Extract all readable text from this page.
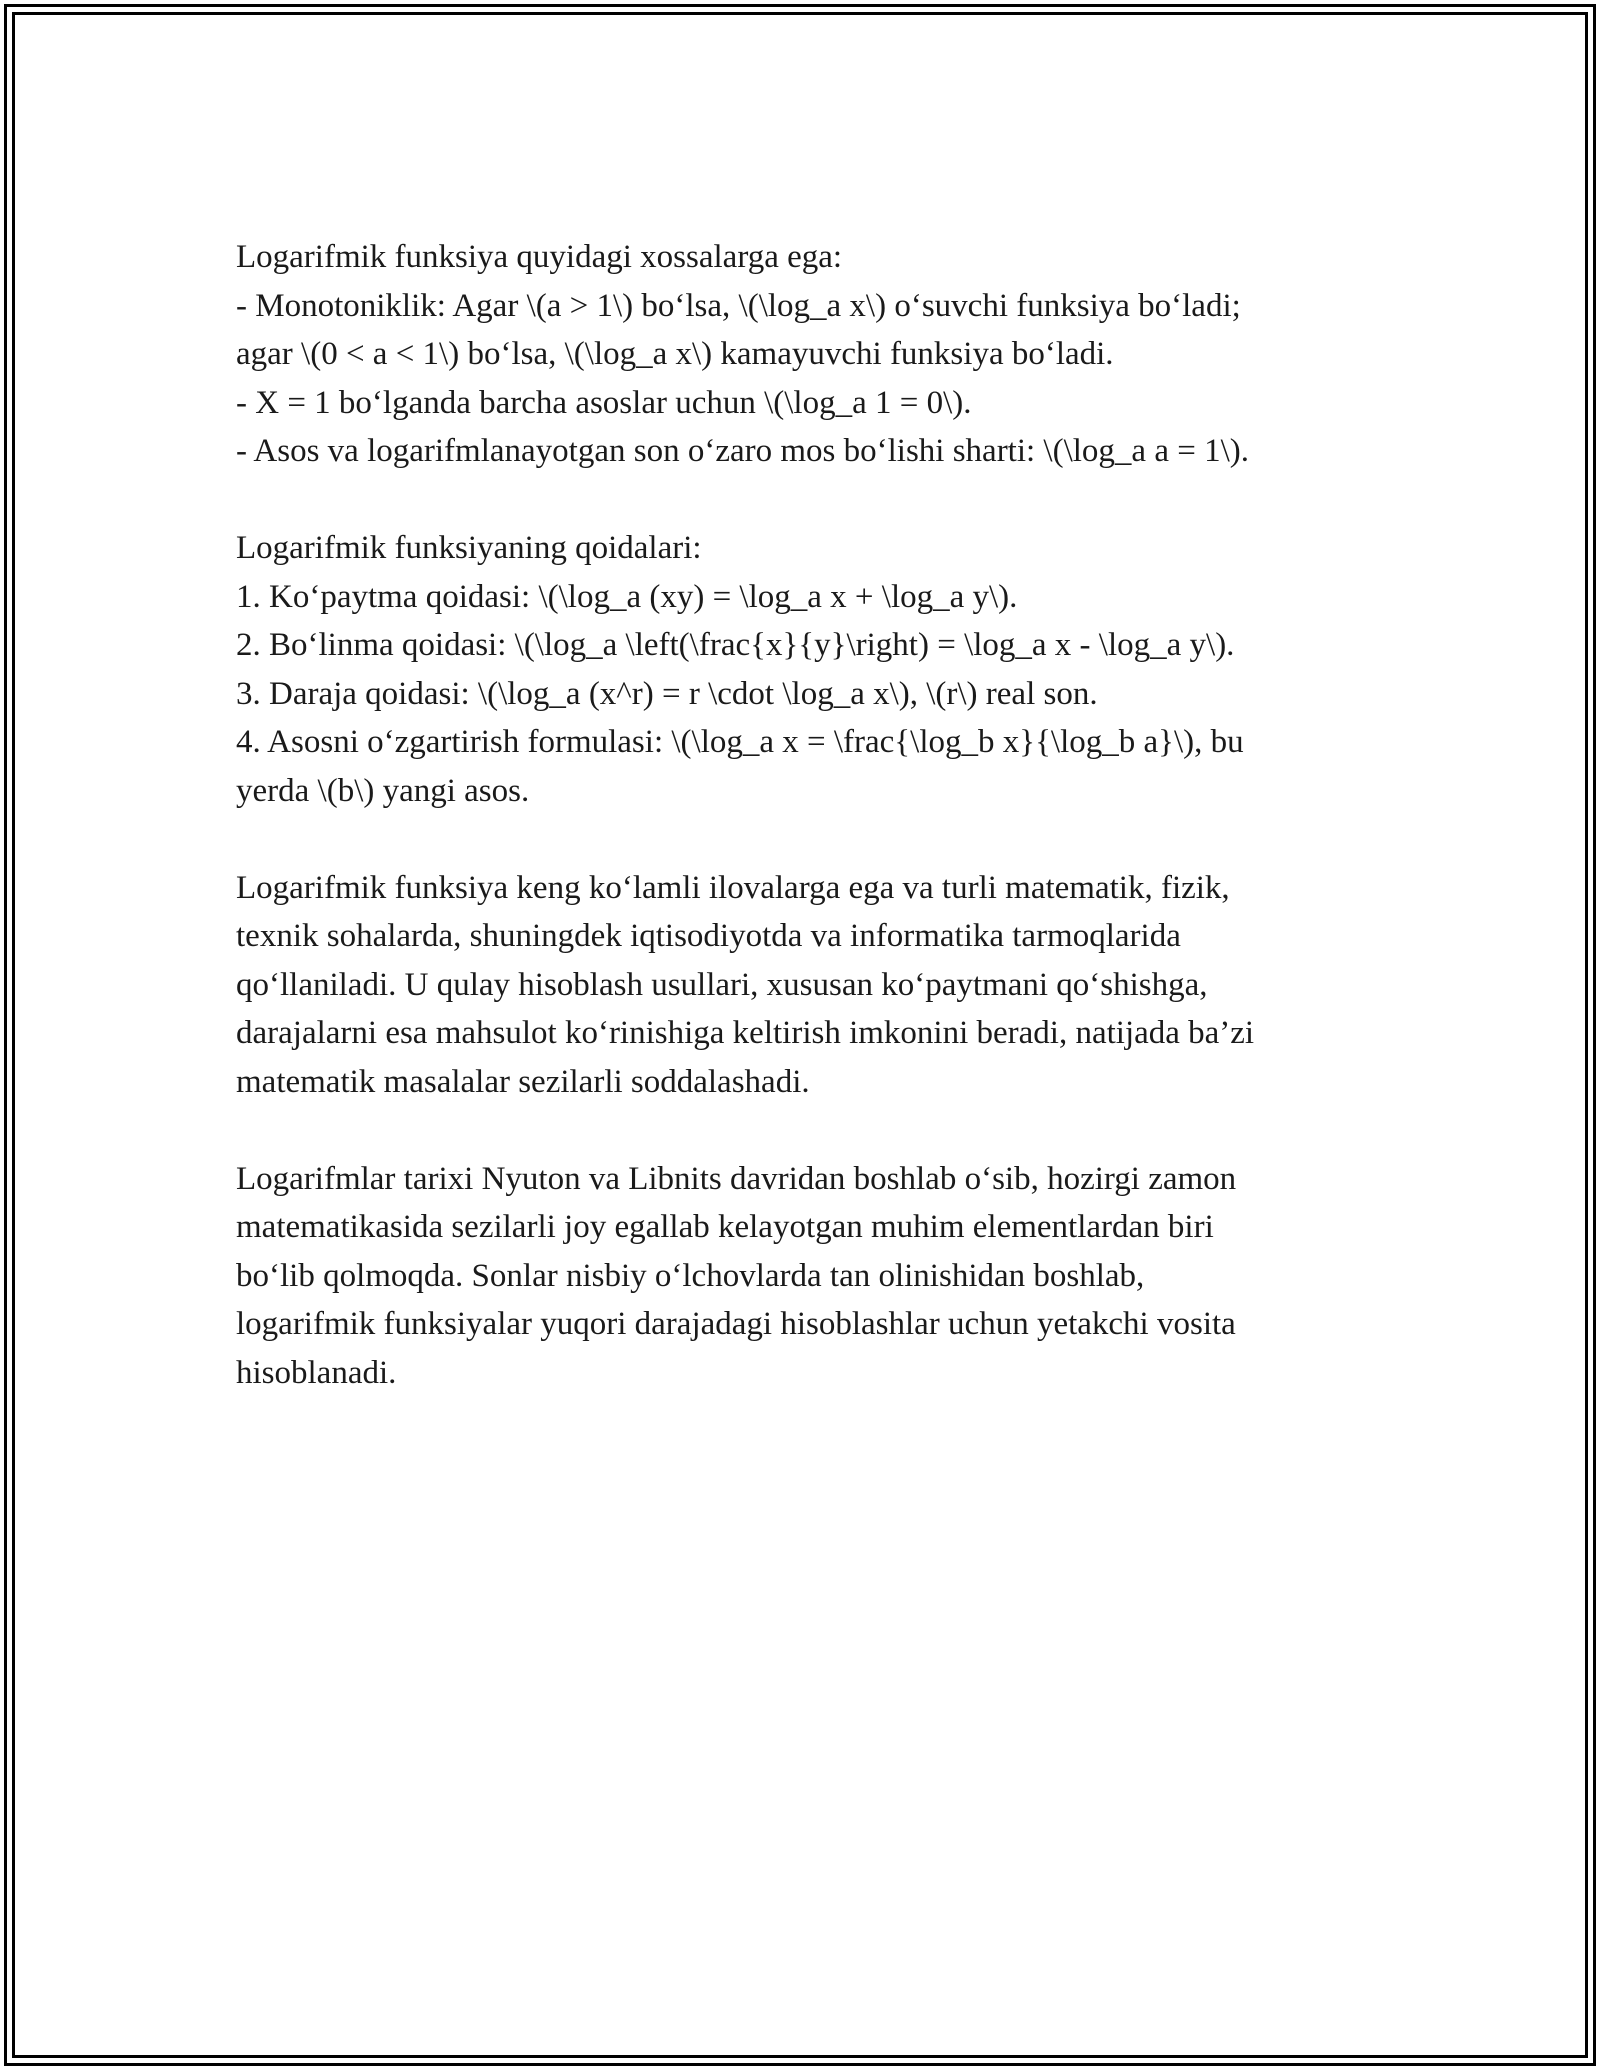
Logarifmik funksiya quyidagi xossalarga ega:
- Monotoniklik: Agar \(a > 1\) bo‘lsa, \(\log_a x\) o‘suvchi funksiya bo‘ladi;
agar \(0 < a < 1\) bo‘lsa, \(\log_a x\) kamayuvchi funksiya bo‘ladi.
- X = 1 bo‘lganda barcha asoslar uchun \(\log_a 1 = 0\).
- Asos va logarifmlanayotgan son o‘zaro mos bo‘lishi sharti: \(\log_a a = 1\).

Logarifmik funksiyaning qoidalari:
1. Ko‘paytma qoidasi: \(\log_a (xy) = \log_a x + \log_a y\).
2. Bo‘linma qoidasi: \(\log_a \left(\frac{x}{y}\right) = \log_a x - \log_a y\).
3. Daraja qoidasi: \(\log_a (x^r) = r \cdot \log_a x\), \(r\) real son.
4. Asosni o‘zgartirish formulasi: \(\log_a x = \frac{\log_b x}{\log_b a}\), bu
yerda \(b\) yangi asos.

Logarifmik funksiya keng ko‘lamli ilovalarga ega va turli matematik, fizik,
texnik sohalarda, shuningdek iqtisodiyotda va informatika tarmoqlarida
qo‘llaniladi. U qulay hisoblash usullari, xususan ko‘paytmani qo‘shishga,
darajalarni esa mahsulot ko‘rinishiga keltirish imkonini beradi, natijada ba’zi
matematik masalalar sezilarli soddalashadi.

Logarifmlar tarixi Nyuton va Libnits davridan boshlab o‘sib, hozirgi zamon
matematikasida sezilarli joy egallab kelayotgan muhim elementlardan biri
bo‘lib qolmoqda. Sonlar nisbiy o‘lchovlarda tan olinishidan boshlab,
logarifmik funksiyalar yuqori darajadagi hisoblashlar uchun yetakchi vosita
hisoblanadi.
